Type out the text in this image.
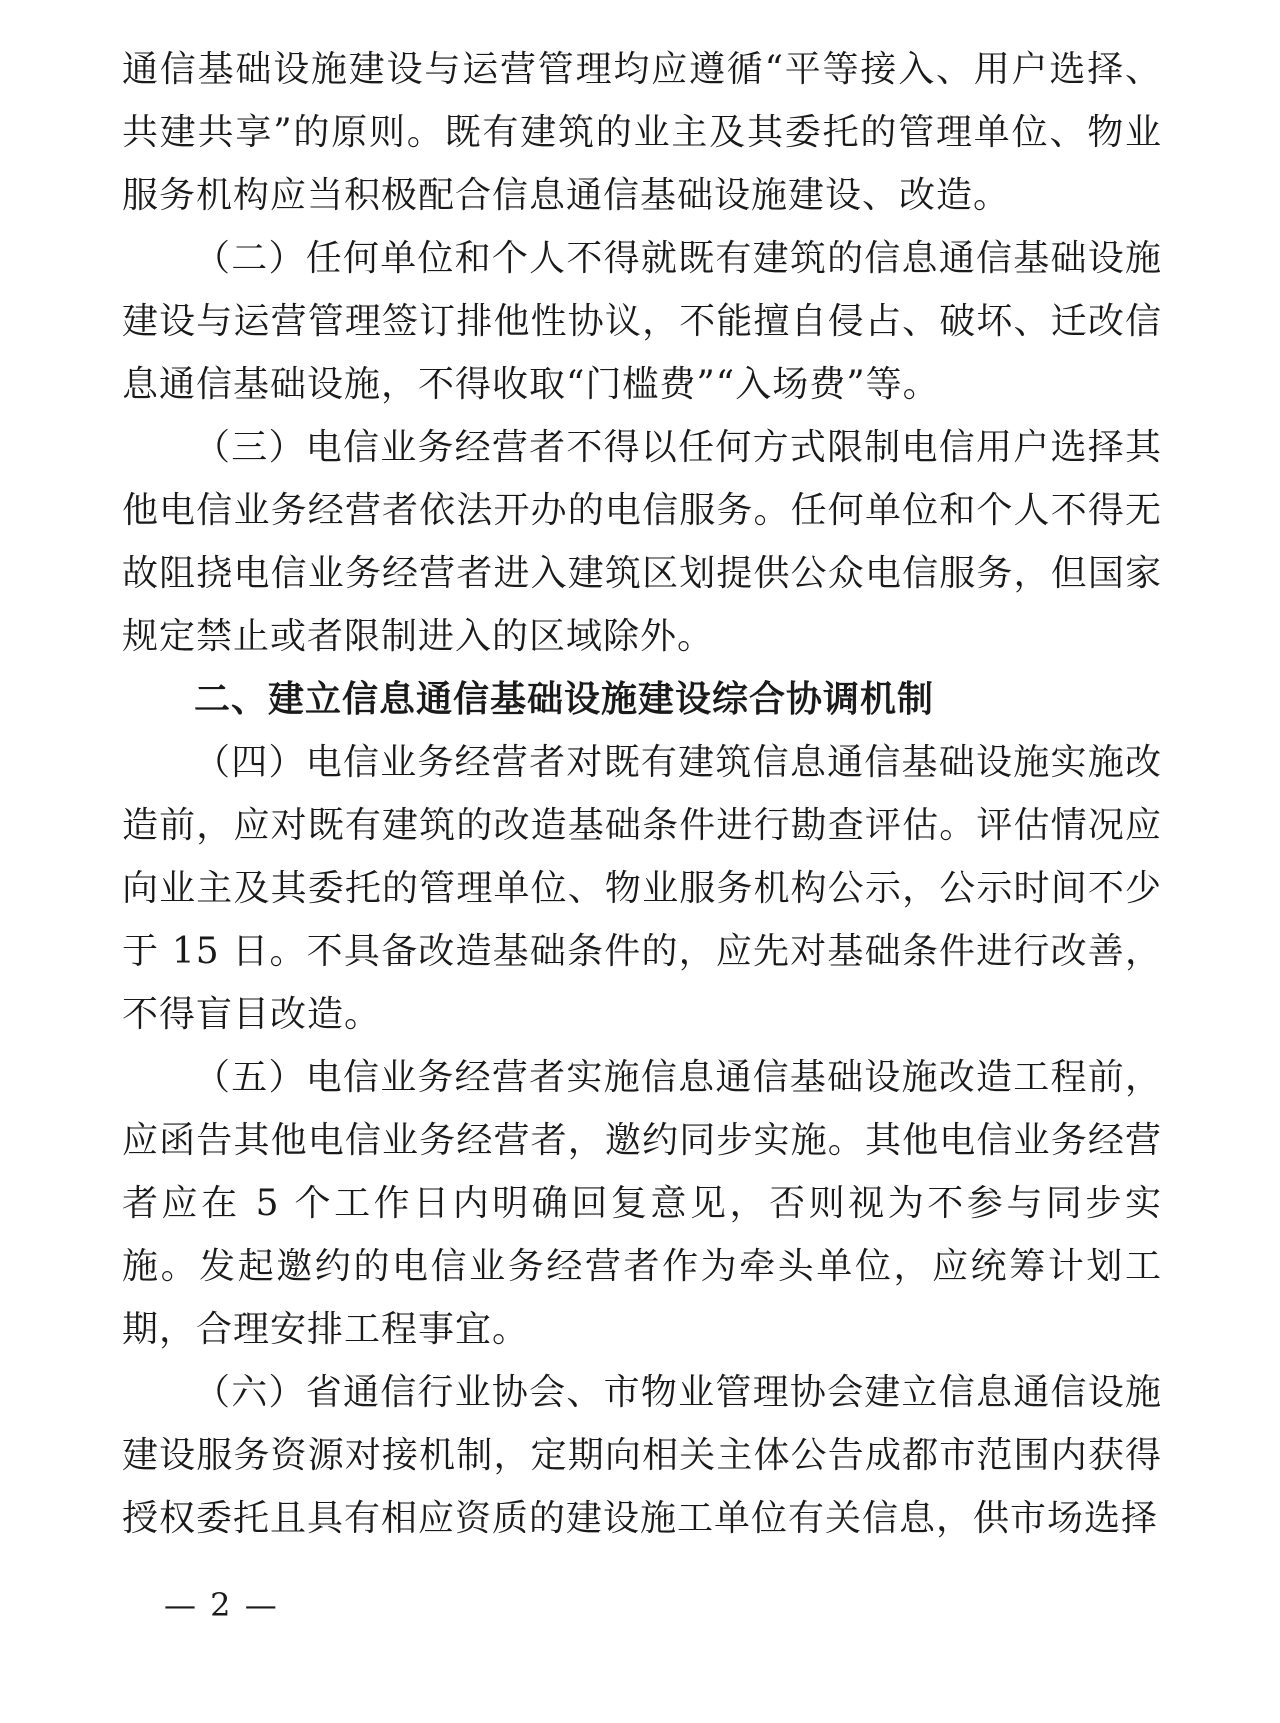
通信基础设施建设与运营管理均应遵循“平等接入、用户选择、共建共享”的原则。既有建筑的业主及其委托的管理单位、物业服务机构应当积极配合信息通信基础设施建设、改造。

（二）任何单位和个人不得就既有建筑的信息通信基础设施建设与运营管理签订排他性协议，不能擅自侵占、破坏、迁改信息通信基础设施，不得收取“门槛费”“入场费”等。

（三）电信业务经营者不得以任何方式限制电信用户选择其他电信业务经营者依法开办的电信服务。任何单位和个人不得无故阻挠电信业务经营者进入建筑区划提供公众电信服务，但国家规定禁止或者限制进入的区域除外。

二、建立信息通信基础设施建设综合协调机制

（四）电信业务经营者对既有建筑信息通信基础设施实施改造前，应对既有建筑的改造基础条件进行勘查评估。评估情况应向业主及其委托的管理单位、物业服务机构公示，公示时间不少于 15 日。不具备改造基础条件的，应先对基础条件进行改善，不得盲目改造。

（五）电信业务经营者实施信息通信基础设施改造工程前，应函告其他电信业务经营者，邀约同步实施。其他电信业务经营者应在 5 个工作日内明确回复意见，否则视为不参与同步实施。发起邀约的电信业务经营者作为牵头单位，应统筹计划工期，合理安排工程事宜。

（六）省通信行业协会、市物业管理协会建立信息通信设施建设服务资源对接机制，定期向相关主体公告成都市范围内获得授权委托且具有相应资质的建设施工单位有关信息，供市场选择

— 2 —
